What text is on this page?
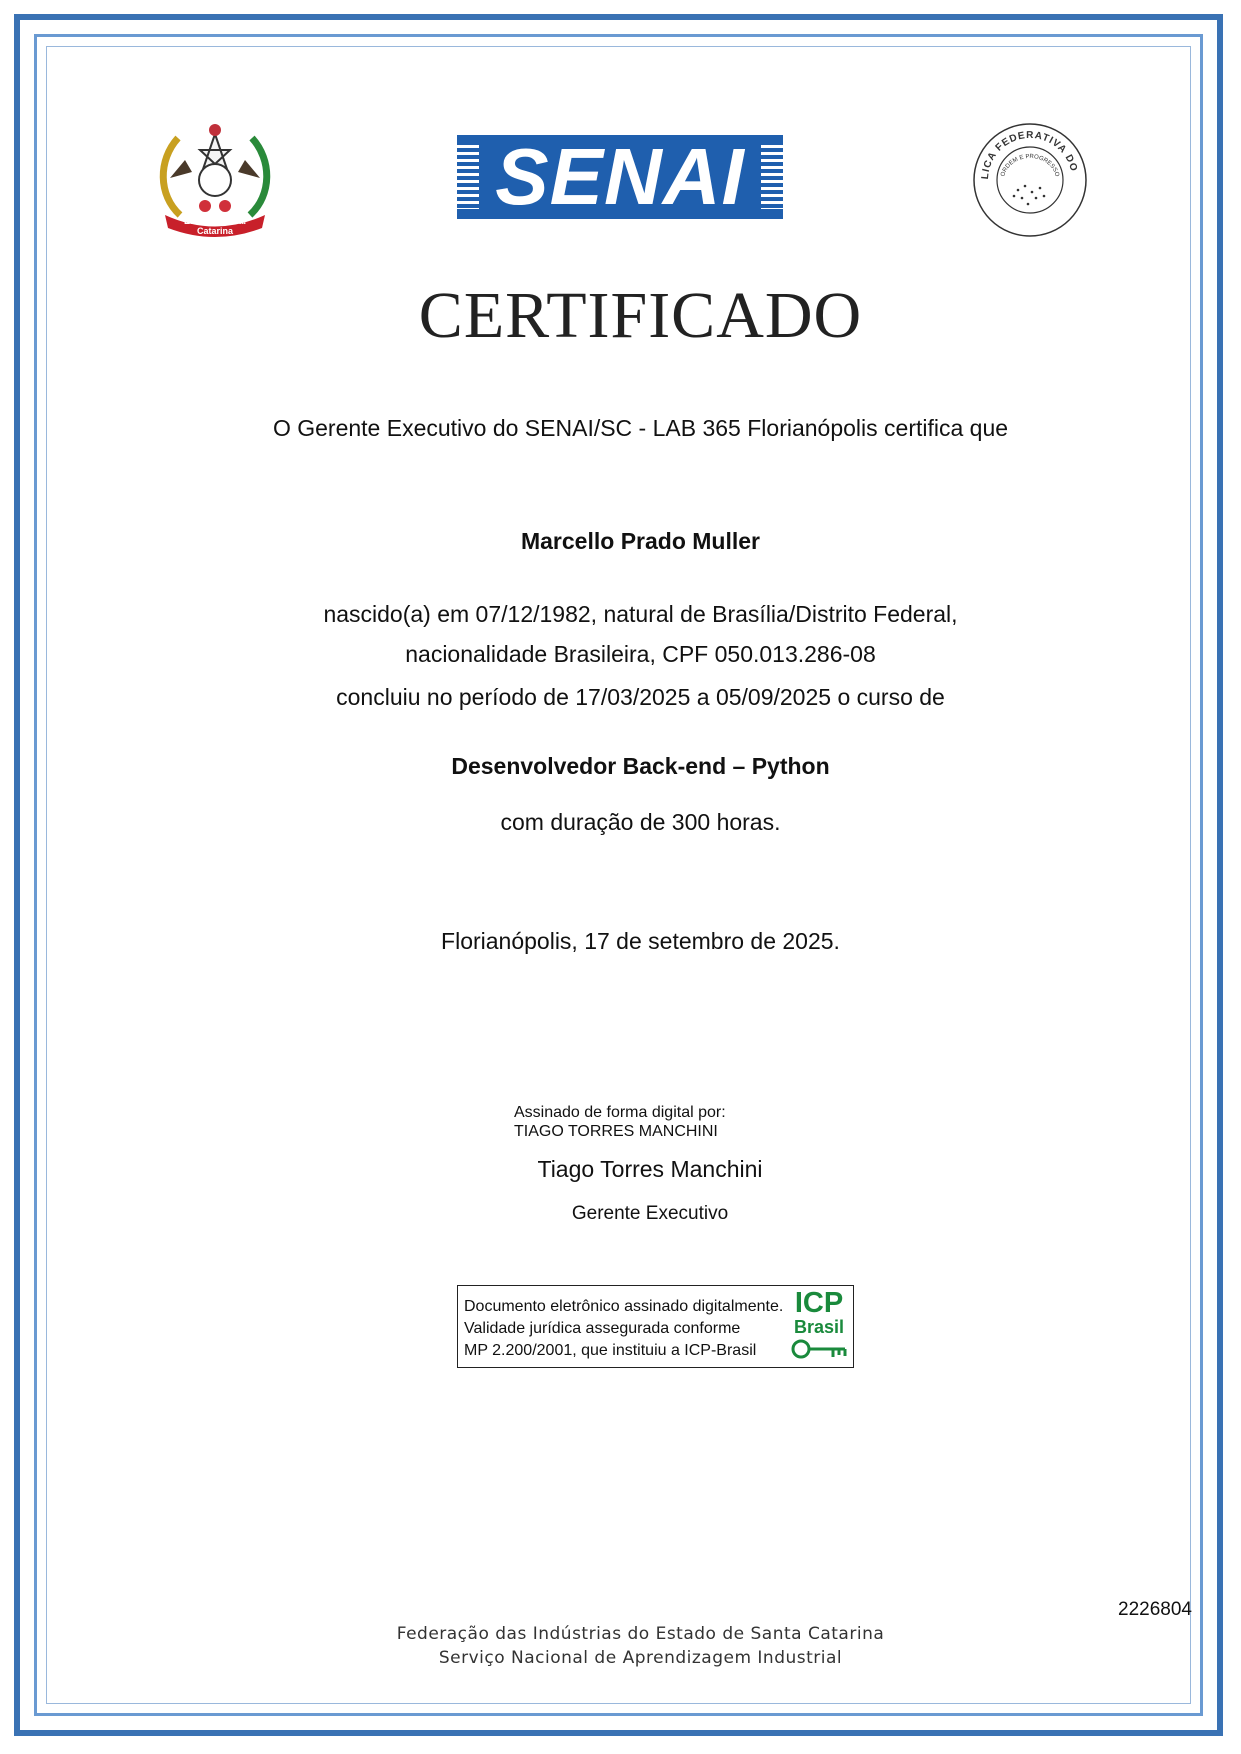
Estado de Sta. Catarina
SENAI	LICA FEDERATIVA DO
ORDEM E PROGRESSO
CERTIFICADO
O Gerente Executivo do SENAI/SC - LAB 365 Florianópolis certifica que
Marcello Prado Muller
nascido(a) em 07/12/1982, natural de Brasília/Distrito Federal,
nacionalidade Brasileira, CPF 050.013.286-08
concluiu no período de 17/03/2025 a 05/09/2025 o curso de
Desenvolvedor Back-end – Python
com duração de 300 horas.
Florianópolis, 17 de setembro de 2025.
Assinado de forma digital por:
TIAGO TORRES MANCHINI
Tiago Torres Manchini
Gerente Executivo
Documento eletrônico assinado digitalmente.
Validade jurídica assegurada conforme
MP 2.200/2001, que instituiu a ICP-Brasil
ICP
Brasil
2226804
Federação das Indústrias do Estado de Santa Catarina
Serviço Nacional de Aprendizagem Industrial
